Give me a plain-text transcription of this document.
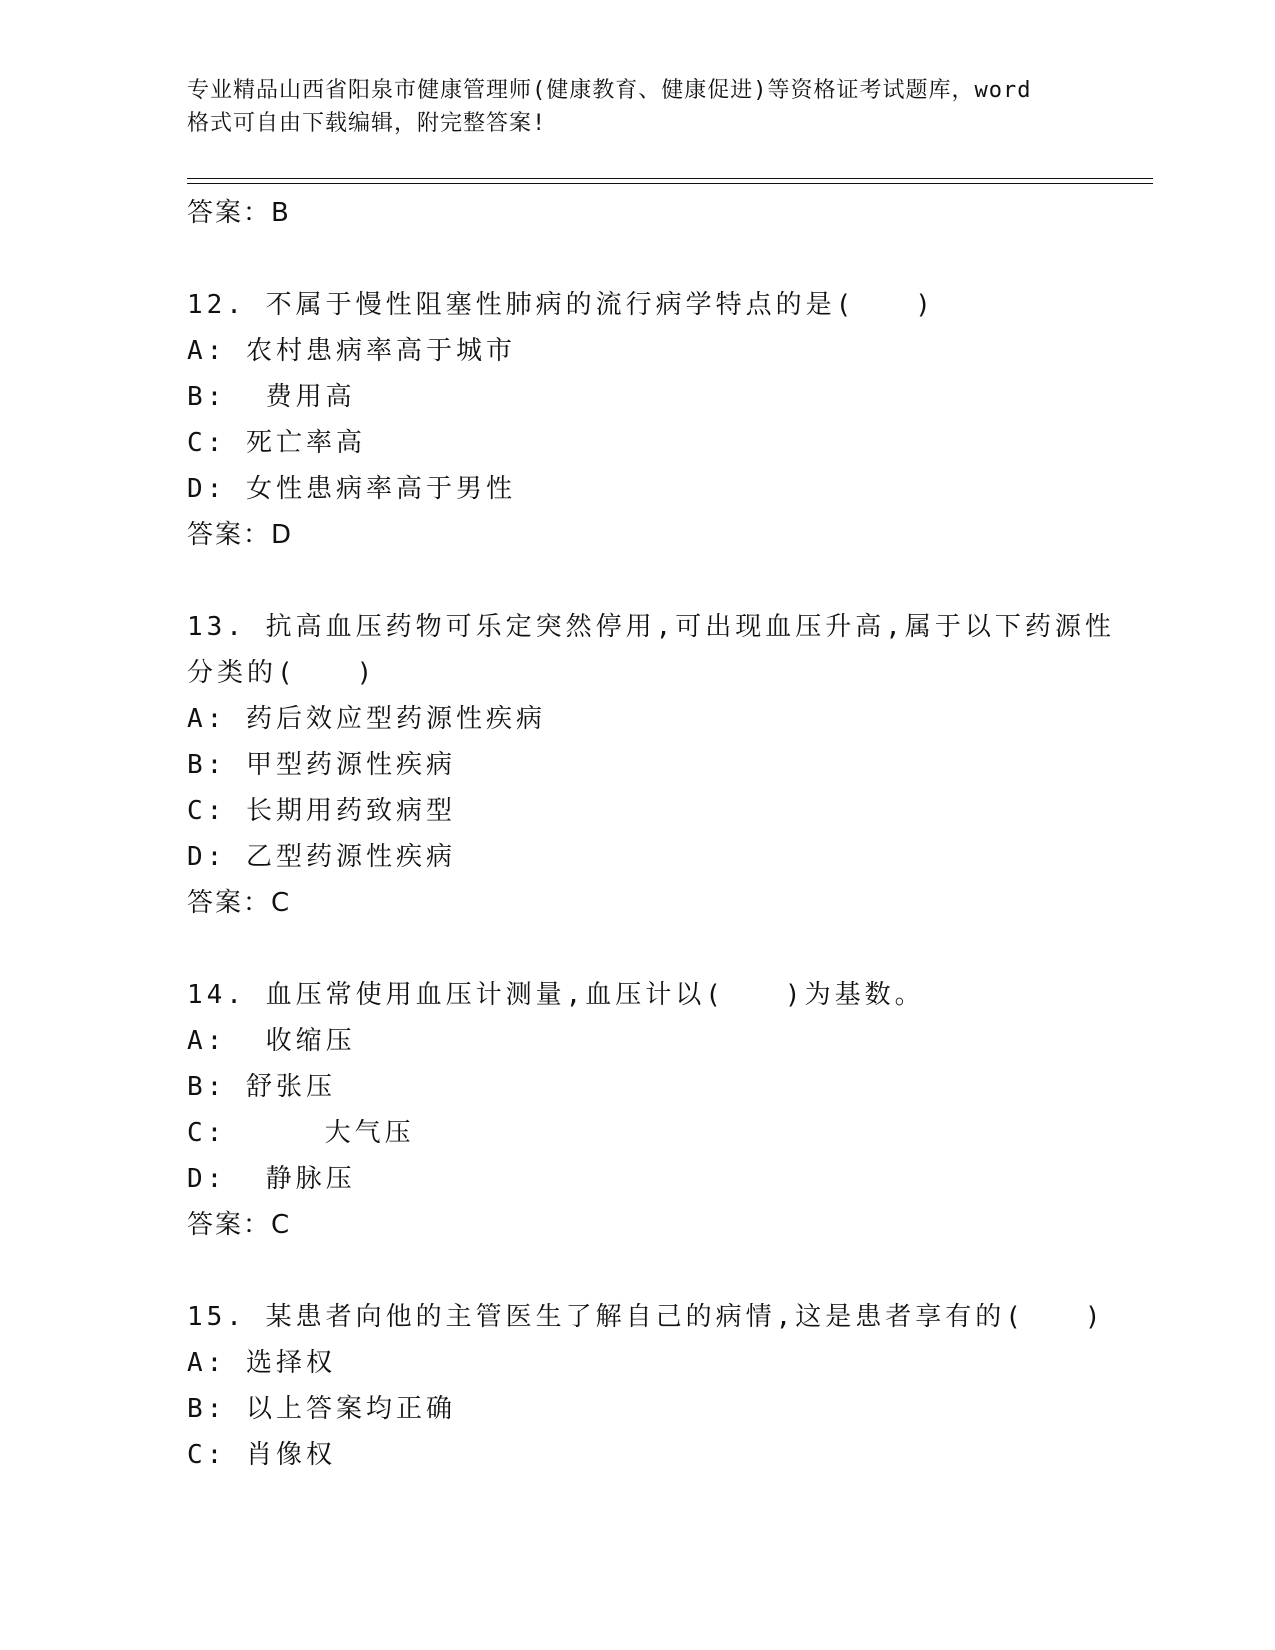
专业精品山西省阳泉市健康管理师(健康教育、健康促进)等资格证考试题库，word
格式可自由下载编辑，附完整答案!
答案：B
12. 不属于慢性阻塞性肺病的流行病学特点的是(　　)
A: 农村患病率高于城市
B:  费用高
C: 死亡率高
D: 女性患病率高于男性
答案：D
13. 抗高血压药物可乐定突然停用,可出现血压升高,属于以下药源性
分类的(　　)
A: 药后效应型药源性疾病
B: 甲型药源性疾病
C: 长期用药致病型
D: 乙型药源性疾病
答案：C
14. 血压常使用血压计测量,血压计以(　　)为基数。
A:  收缩压
B: 舒张压
C:     大气压
D:  静脉压
答案：C
15. 某患者向他的主管医生了解自己的病情,这是患者享有的(　　)
A: 选择权
B: 以上答案均正确
C: 肖像权
